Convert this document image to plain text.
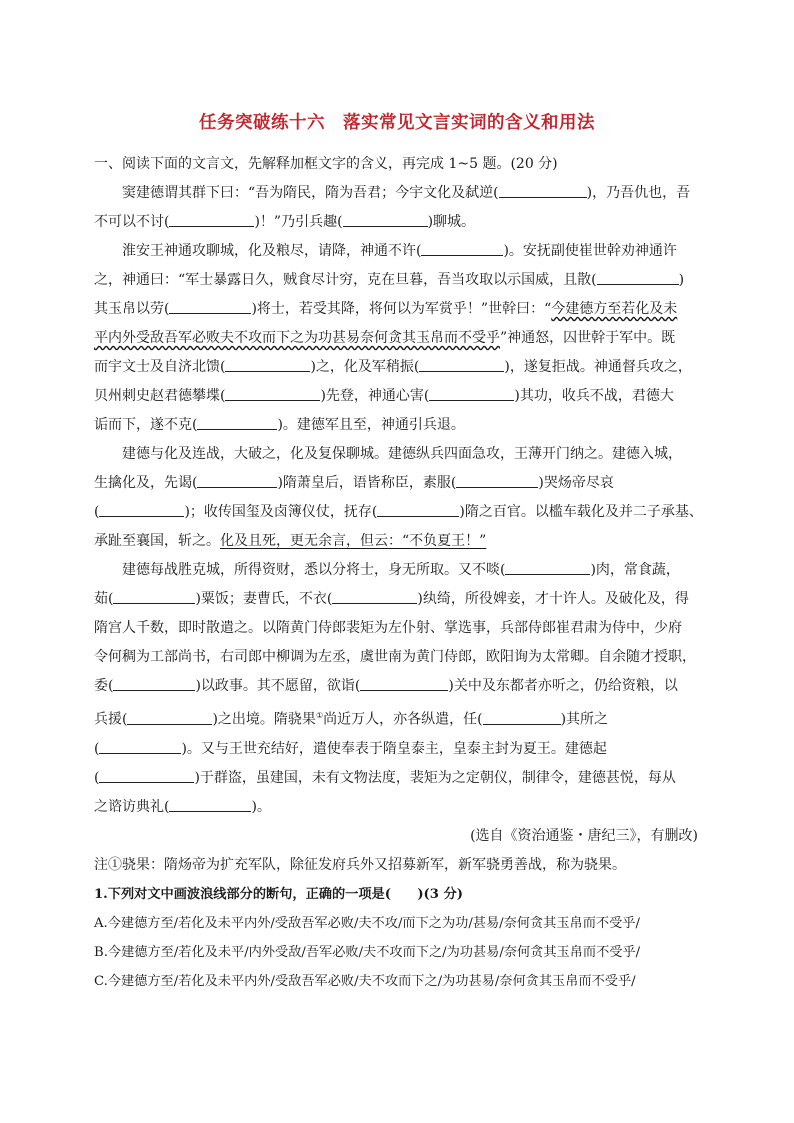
任务突破练十六　落实常见文言实词的含义和用法

一、阅读下面的文言文，先解释加框文字的含义，再完成 1~5 题。(20 分)

窦建德谓其群下曰：“吾为隋民，隋为吾君；今宇文化及弑逆(	)，乃吾仇也，吾
不可以不讨(	)！”乃引兵趣(	)聊城。

淮安王神通攻聊城，化及粮尽，请降，神通不许(	)。安抚副使崔世幹劝神通许
之，神通曰：“军士暴露日久，贼食尽计穷，克在旦暮，吾当攻取以示国威，且散(	)
其玉帛以劳(	)将士，若受其降，将何以为军赏乎！”世幹曰：“今建德方至若化及未
平内外受敌吾军必败夫不攻而下之为功甚易奈何贪其玉帛而不受乎”神通怒，囚世幹于军中。既
而宇文士及自济北馈(	)之，化及军稍振(	)，遂复拒战。神通督兵攻之，
贝州刺史赵君德攀堞(	)先登，神通心害(	)其功，收兵不战，君德大
诟而下，遂不克(	)。建德军且至，神通引兵退。

建德与化及连战，大破之，化及复保聊城。建德纵兵四面急攻，王薄开门纳之。建德入城，
生擒化及，先谒(	)隋萧皇后，语皆称臣，素服(	)哭炀帝尽哀
(	)；收传国玺及卤簿仪仗，抚存(	)隋之百官。以槛车载化及并二子承基、
承趾至襄国，斩之。化及且死，更无余言，但云：“不负夏王！”

建德每战胜克城，所得资财，悉以分将士，身无所取。又不啖(	)肉，常食蔬，
茹(	)粟饭；妻曹氏，不衣(	)纨绮，所役婢妾，才十许人。及破化及，得
隋宫人千数，即时散遣之。以隋黄门侍郎裴矩为左仆射、掌选事，兵部侍郎崔君肃为侍中，少府
令何稠为工部尚书，右司郎中柳调为左丞，虞世南为黄门侍郎，欧阳询为太常卿。自余随才授职，
委(	)以政事。其不愿留，欲诣(	)关中及东都者亦听之，仍给资粮，以
兵援(	)之出境。隋骁果①尚近万人，亦各纵遣，任(	)其所之
(	)。又与王世充结好，遣使奉表于隋皇泰主，皇泰主封为夏王。建德起
(	)于群盗，虽建国，未有文物法度，裴矩为之定朝仪，制律令，建德甚悦，每从
之谘访典礼(	)。

(选自《资治通鉴・唐纪三》，有删改)

注①骁果：隋炀帝为扩充军队，除征发府兵外又招募新军，新军骁勇善战，称为骁果。

1.下列对文中画波浪线部分的断句，正确的一项是(　　)(3 分)

A.今建德方至/若化及未平内外/受敌吾军必败/夫不攻/而下之为功/甚易/奈何贪其玉帛而不受乎/

B.今建德方至/若化及未平/内外受敌/吾军必败/夫不攻而下之/为功甚易/奈何贪其玉帛而不受乎/

C.今建德方至/若化及未平内外/受敌吾军必败/夫不攻而下之/为功甚易/奈何贪其玉帛而不受乎/
